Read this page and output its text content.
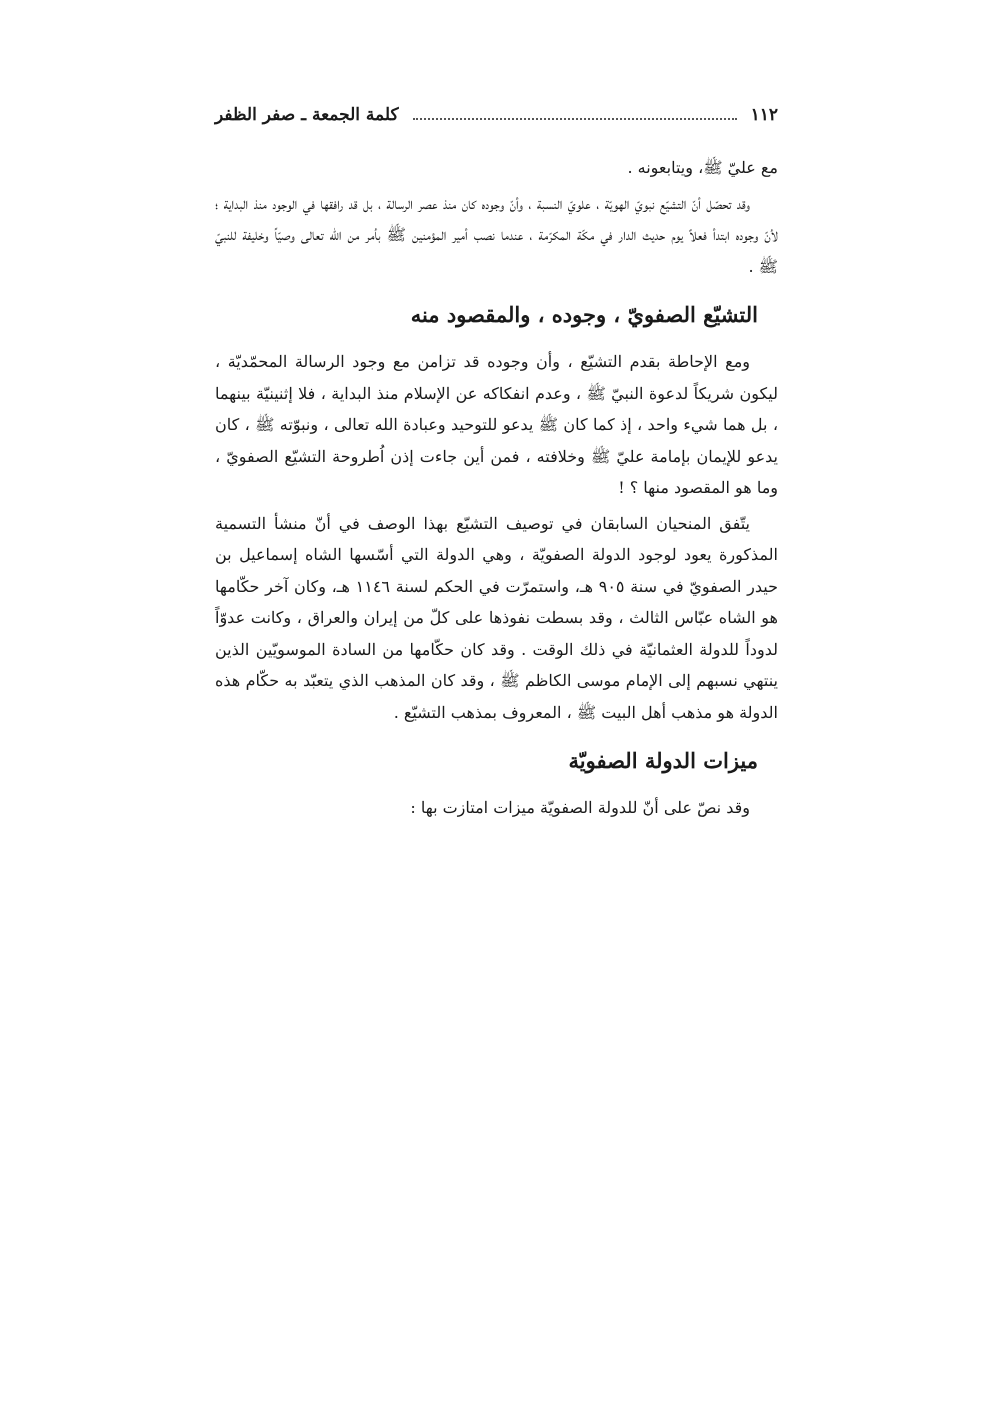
كلمة الجمعة ـ صفر الظفر	١١٢

مع عليّ ﷺ، ويتابعونه .

وقد تحصّل أنّ التشيّع نبويّ الهويّة ، علويّ النسبة ، وأنّ وجوده كان منذ عصر الرسالة ، بل قد رافقها في الوجود منذ البداية ؛ لأنّ وجوده ابتدأ فعلاً يوم حديث الدار في مكّة المكرّمة ، عندما نصب أمير المؤمنين ﷺ بأمر من الله تعالى وصيّاً وخليفة للنبيّ ﷺ .

التشيّع الصفويّ ، وجوده ، والمقصود منه

ومع الإحاطة بقدم التشيّع ، وأن وجوده قد تزامن مع وجود الرسالة المحمّديّة ، ليكون شريكاً لدعوة النبيّ ﷺ ، وعدم انفكاكه عن الإسلام منذ البداية ، فلا إثنينيّة بينهما ، بل هما شيء واحد ، إذ كما كان ﷺ يدعو للتوحيد وعبادة الله تعالى ، ونبوّته ﷺ ، كان يدعو للإيمان بإمامة عليّ ﷺ وخلافته ، فمن أين جاءت إذن اُطروحة التشيّع الصفويّ ، وما هو المقصود منها ؟ !

يتّفق المنحيان السابقان في توصيف التشيّع بهذا الوصف في أنّ منشأ التسمية المذكورة يعود لوجود الدولة الصفويّة ، وهي الدولة التي أسّسها الشاه إسماعيل بن حيدر الصفويّ في سنة ٩٠٥ هـ، واستمرّت في الحكم لسنة ١١٤٦ هـ، وكان آخر حكّامها هو الشاه عبّاس الثالث ، وقد بسطت نفوذها على كلّ من إيران والعراق ، وكانت عدوّاً لدوداً للدولة العثمانيّة في ذلك الوقت . وقد كان حكّامها من السادة الموسويّين الذين ينتهي نسبهم إلى الإمام موسى الكاظم ﷺ ، وقد كان المذهب الذي يتعبّد به حكّام هذه الدولة هو مذهب أهل البيت ﷺ ، المعروف بمذهب التشيّع .

ميزات الدولة الصفويّة

وقد نصّ على أنّ للدولة الصفويّة ميزات امتازت بها :
